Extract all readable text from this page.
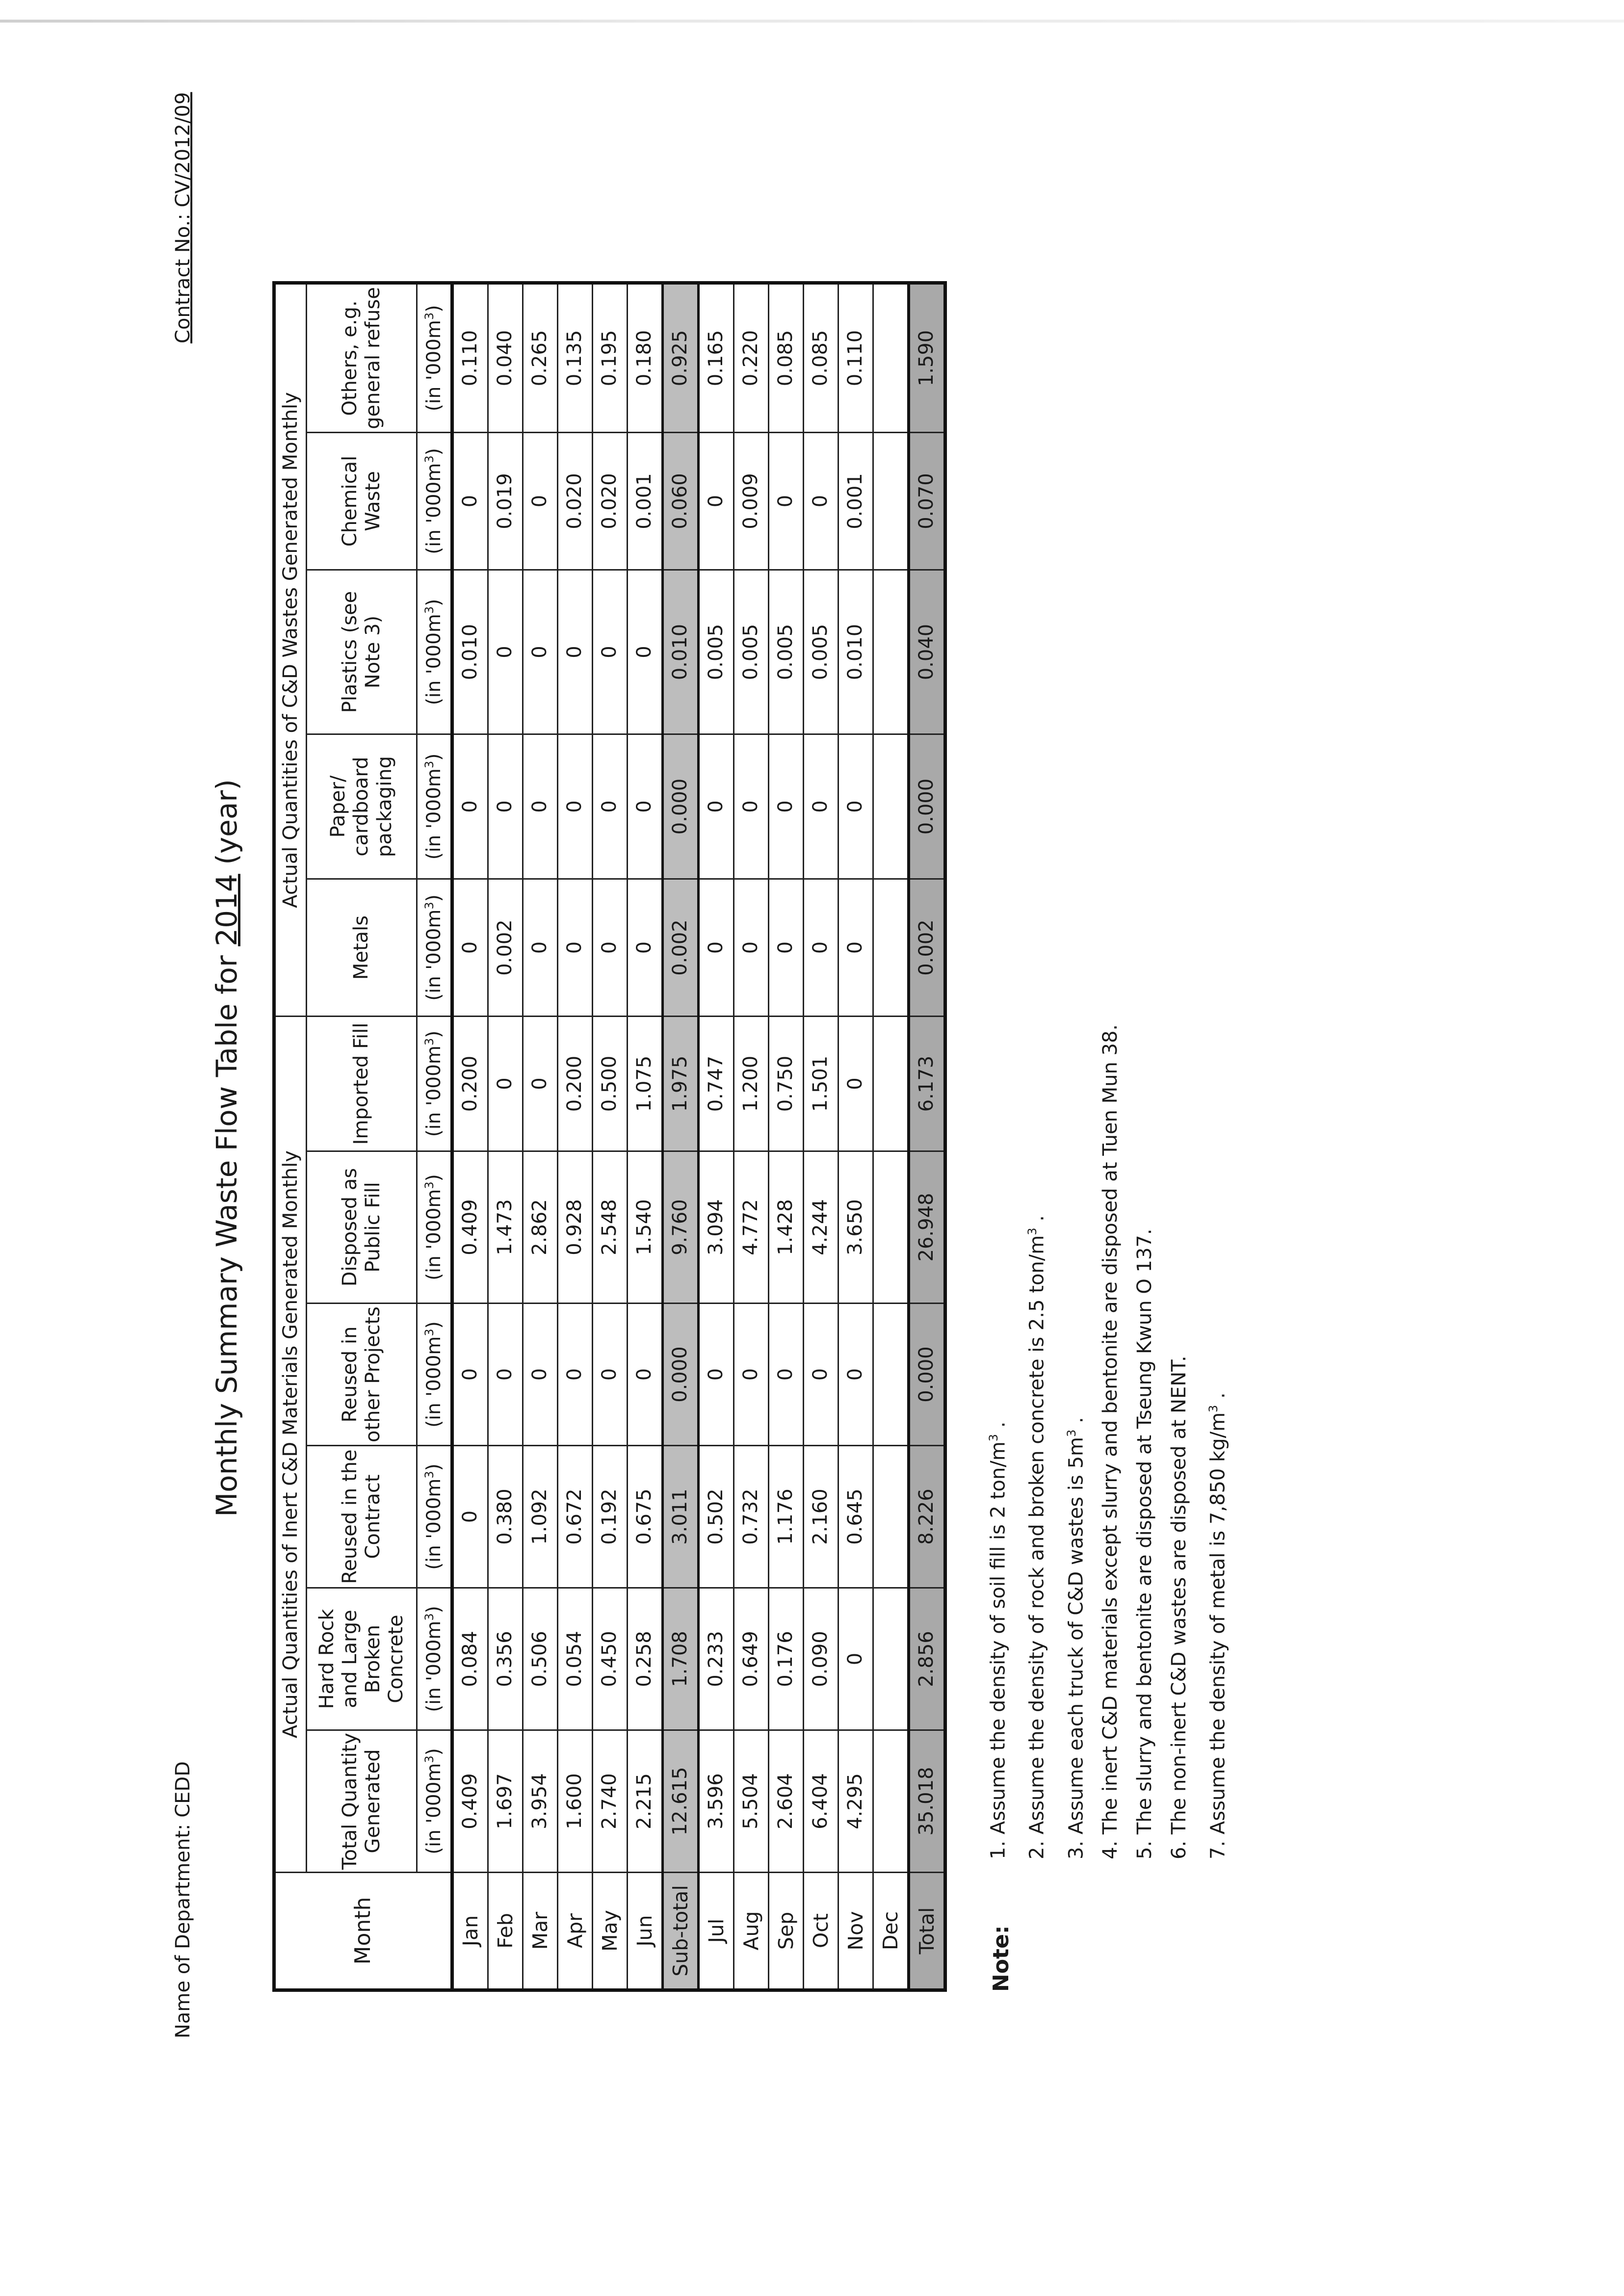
Name of Department: CEDD
Contract No.: CV/2012/09
Monthly Summary Waste Flow Table for 2014 (year)
Month	Actual Quantities of Inert C&D Materials Generated Monthly						Actual Quantities of C&D Wastes Generated Monthly				
	Total Quantity Generated	Hard Rock and Large Broken Concrete	Reused in the Contract	Reused in other Projects	Disposed as Public Fill	Imported Fill	Metals	Paper/ cardboard packaging	Plastics (see Note 3)	Chemical Waste	Others, e.g. general refuse
	(in '$000m^3$)	(in '$000m^3$)	(in '$000m^3$)	(in '$000m^3$)	(in '$000m^3$)	(in '$000m^3$)	(in '$000m^3$)	(in '$000m^3$)	(in '$000m^3$)	(in '$000m^3$)	(in '$000m^3$)
Jan	0.409	0.084	0	0	0.409	0.200	0	0	0.010	0	0.110
Feb	1.697	0.356	0.380	0	1.473	0	0.002	0	0	0.019	0.040
Mar	3.954	0.506	1.092	0	2.862	0	0	0	0	0	0.265
Apr	1.600	0.054	0.672	0	0.928	0.200	0	0	0	0.020	0.135
May	2.740	0.450	0.192	0	2.548	0.500	0	0	0	0.020	0.195
Jun	2.215	0.258	0.675	0	1.540	1.075	0	0	0	0.001	0.180
Sub-total	12.615	1.708	3.011	0.000	9.760	1.975	0.002	0.000	0.010	0.060	0.925
Jul	3.596	0.233	0.502	0	3.094	0.747	0	0	0.005	0	0.165
Aug	5.504	0.649	0.732	0	4.772	1.200	0	0	0.005	0.009	0.220
Sep	2.604	0.176	1.176	0	1.428	0.750	0	0	0.005	0	0.085
Oct	6.404	0.090	2.160	0	4.244	1.501	0	0	0.005	0	0.085
Nov	4.295	0	0.645	0	3.650	0	0	0	0.010	0.001	0.110
Dec											
Total	35.018	2.856	8.226	0.000	26.948	6.173	0.002	0.000	0.040	0.070	1.590
Note:
1. Assume the density of soil fill is 2 ton/$m^3$ . 2. Assume the density of rock and broken concrete is 2.5 ton/$m^3$ .
3. Assume each truck of C&D wastes is $5m^3$ . 4. The inert C&D materials except slurry and bentonite are disposed at Tuen Mun 38. 5. The slurry and bentonite are disposed at Tseung Kwun O 137. 6. The non-inert C&D wastes are disposed at NENT. 7. Assume the density of metal is 7,850 $kg/m^3$ .
